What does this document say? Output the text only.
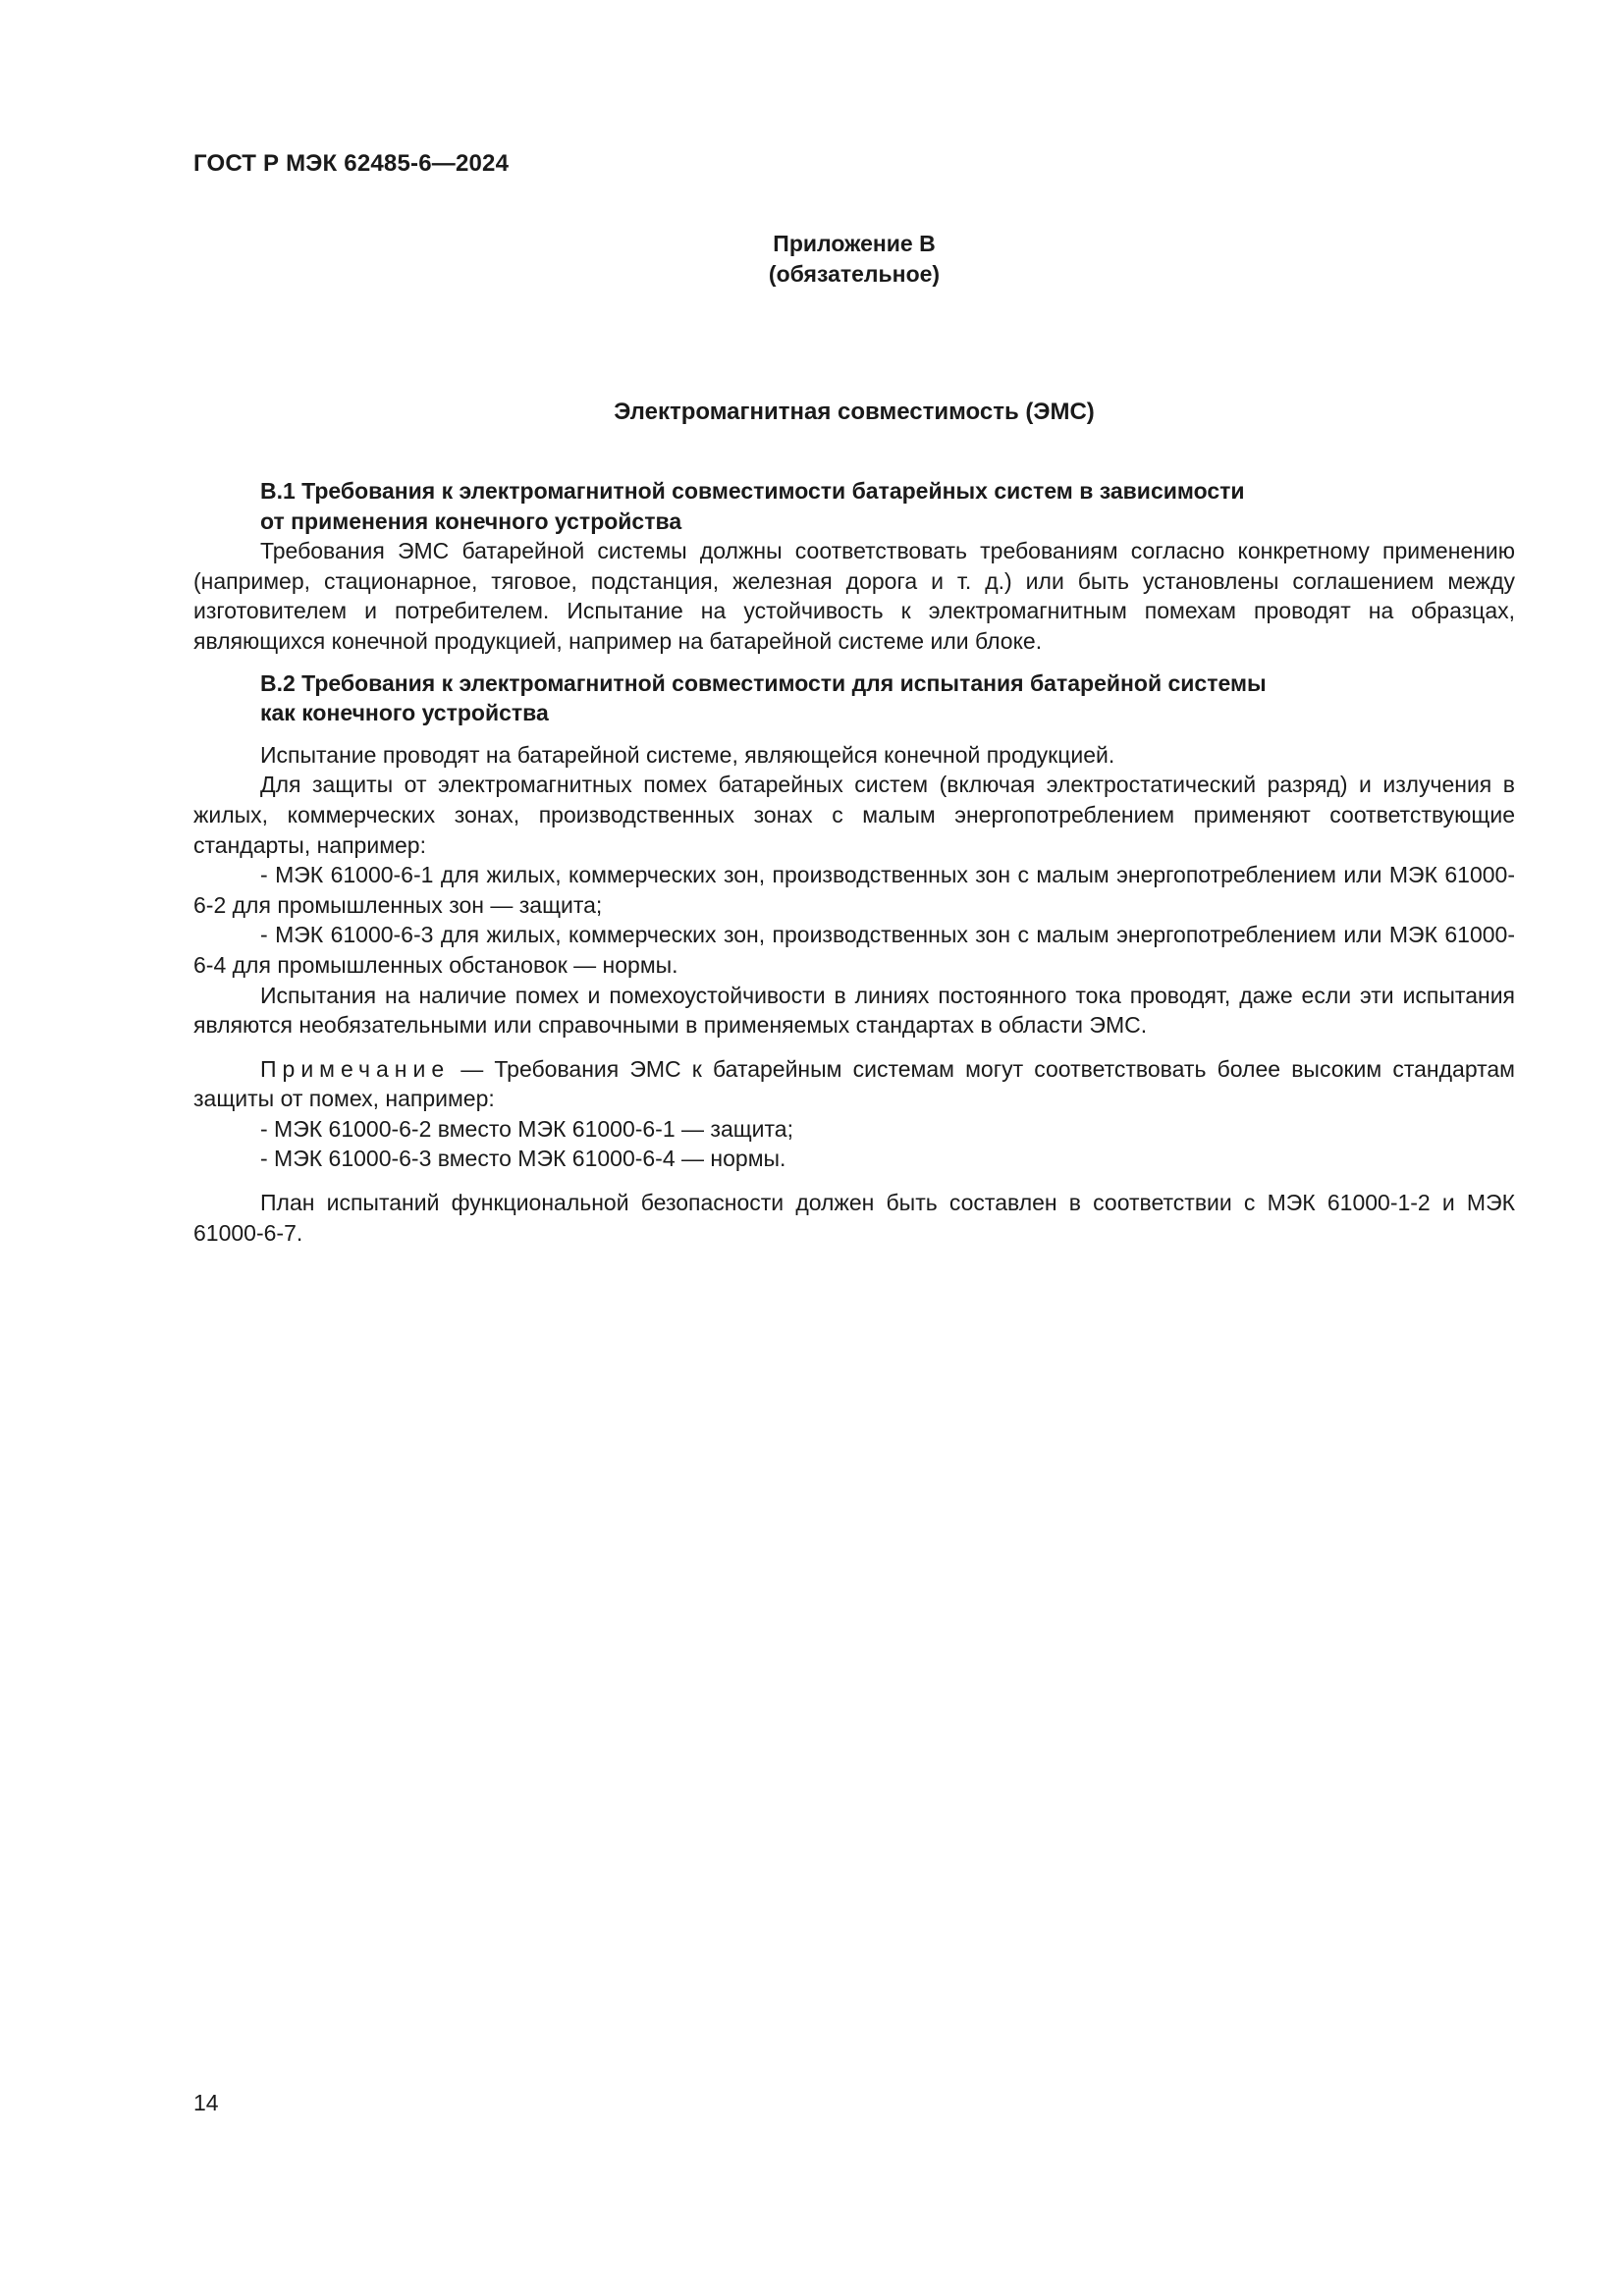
ГОСТ Р МЭК 62485-6—2024
Приложение В
(обязательное)
Электромагнитная совместимость (ЭМС)

В.1 Требования к электромагнитной совместимости батарейных систем в зависимости

от применения конечного устройства

Требования ЭМС батарейной системы должны соответствовать требованиям согласно конкретному применению (например, стационарное, тяговое, подстанция, железная дорога и т. д.) или быть установлены соглашением между изготовителем и потребителем. Испытание на устойчивость к электромагнитным помехам проводят на образцах, являющихся конечной продукцией, например на батарейной системе или блоке.

В.2 Требования к электромагнитной совместимости для испытания батарейной системы

как конечного устройства

Испытание проводят на батарейной системе, являющейся конечной продукцией.

Для защиты от электромагнитных помех батарейных систем (включая электростатический разряд) и излучения в жилых, коммерческих зонах, производственных зонах с малым энергопотреблением применяют соответствующие стандарты, например:

- МЭК 61000-6-1 для жилых, коммерческих зон, производственных зон с малым энергопотреблением или МЭК 61000-6-2 для промышленных зон — защита;

- МЭК 61000-6-3 для жилых, коммерческих зон, производственных зон с малым энергопотреблением или МЭК 61000-6-4 для промышленных обстановок — нормы.

Испытания на наличие помех и помехоустойчивости в линиях постоянного тока проводят, даже если эти испытания являются необязательными или справочными в применяемых стандартах в области ЭМС.

Примечание — Требования ЭМС к батарейным системам могут соответствовать более высоким стандартам защиты от помех, например:

- МЭК 61000-6-2 вместо МЭК 61000-6-1 — защита;

- МЭК 61000-6-3 вместо МЭК 61000-6-4 — нормы.

План испытаний функциональной безопасности должен быть составлен в соответствии с МЭК 61000-1-2 и МЭК 61000-6-7.

14
